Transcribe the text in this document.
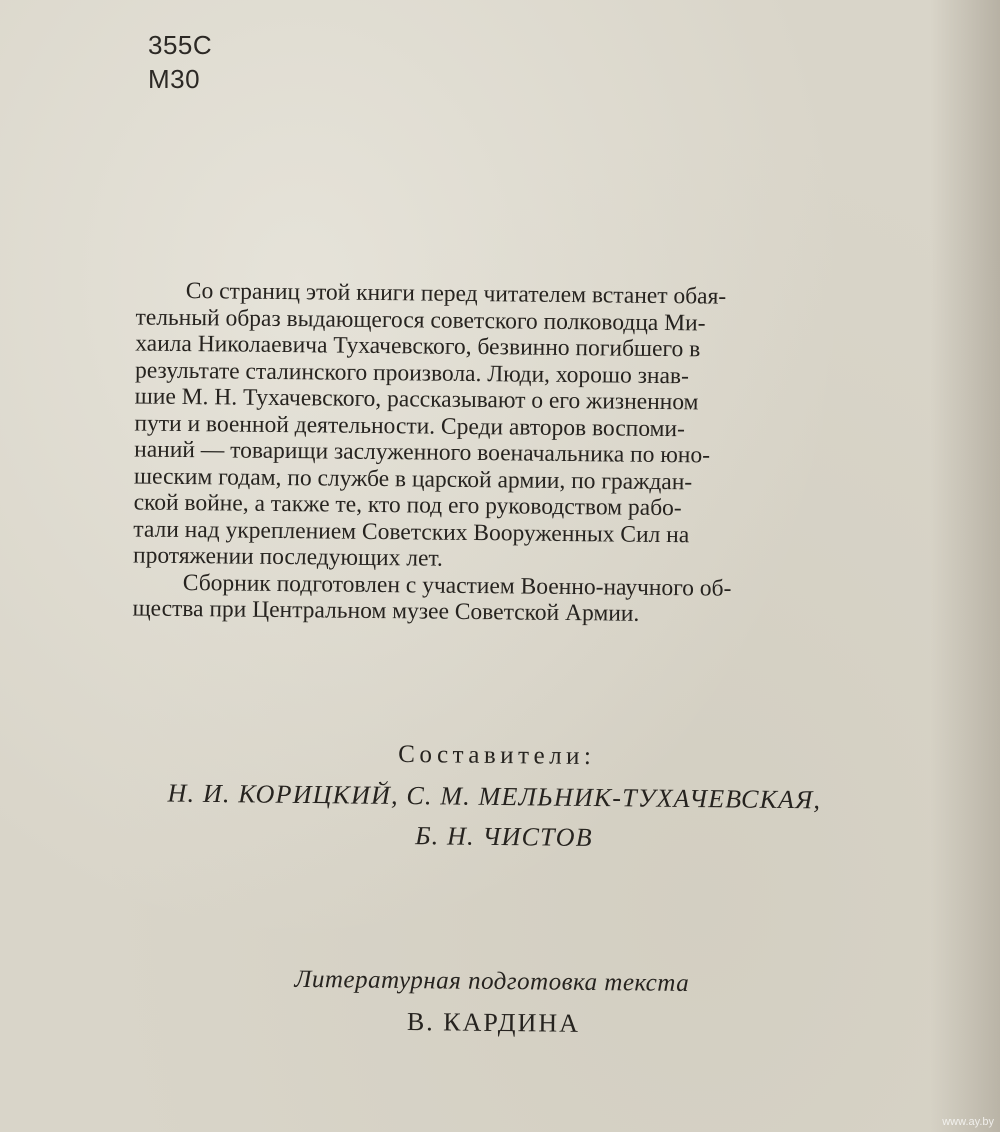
355С
М30
Со страниц этой книги перед читателем встанет обая-
тельный образ выдающегося советского полководца Ми-
хаила Николаевича Тухачевского, безвинно погибшего в
результате сталинского произвола. Люди, хорошо знав-
шие М. Н. Тухачевского, рассказывают о его жизненном
пути и военной деятельности. Среди авторов воспоми-
наний — товарищи заслуженного военачальника по юно-
шеским годам, по службе в царской армии, по граждан-
ской войне, а также те, кто под его руководством рабо-
тали над укреплением Советских Вооруженных Сил на
протяжении последующих лет.
Сборник подготовлен с участием Военно-научного об-
щества при Центральном музее Советской Армии.
Составители:
Н. И. КОРИЦКИЙ, С. М. МЕЛЬНИК-ТУХАЧЕВСКАЯ,
Б. Н. ЧИСТОВ
Литературная подготовка текста
В. КАРДИНА
www.ay.by
